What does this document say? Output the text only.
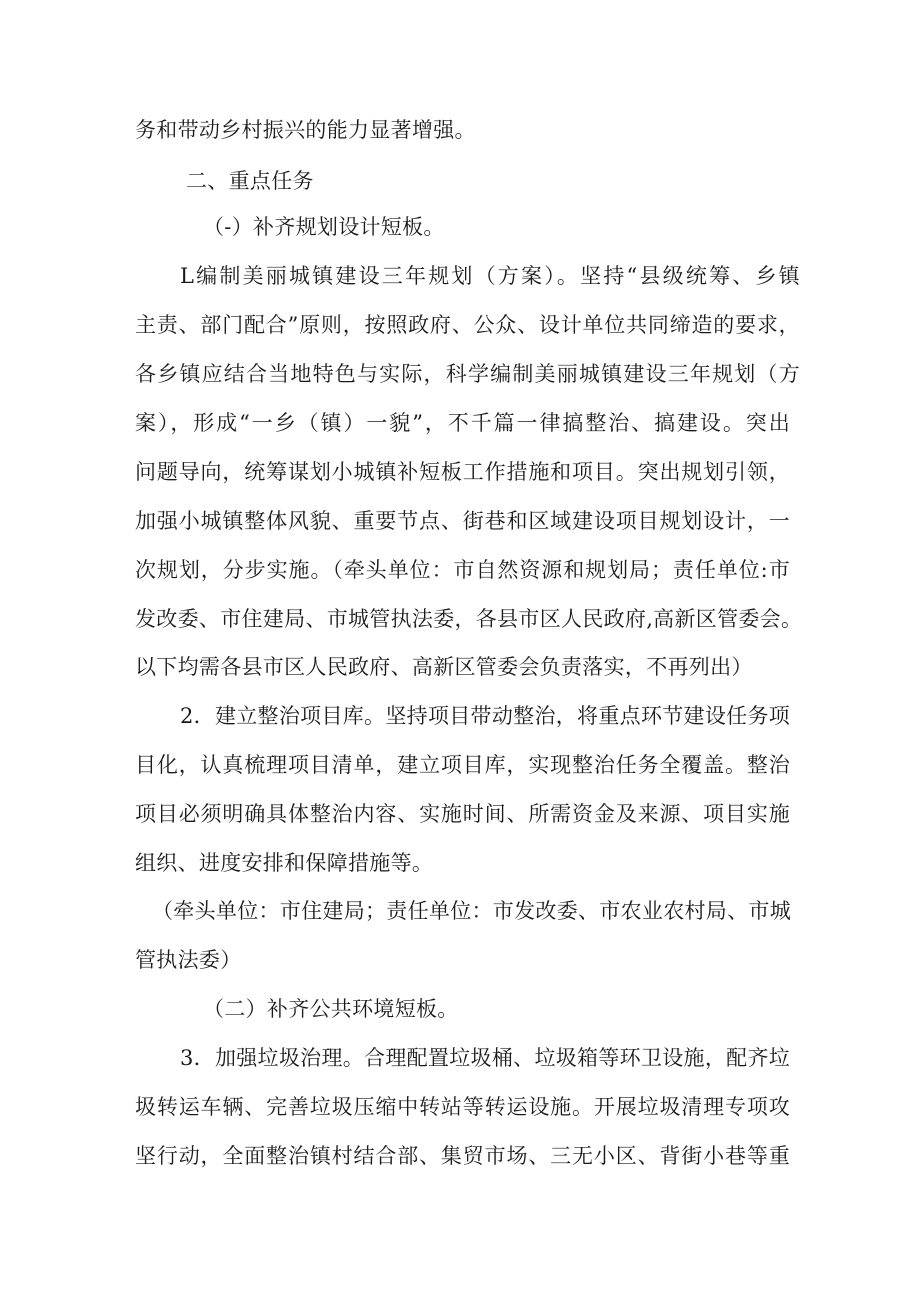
务和带动乡村振兴的能力显著增强。

二、重点任务

（-）补齐规划设计短板。

L编制美丽城镇建设三年规划（方案）。坚持“县级统筹、乡镇

主责、部门配合”原则，按照政府、公众、设计单位共同缔造的要求，

各乡镇应结合当地特色与实际，科学编制美丽城镇建设三年规划（方

案），形成“一乡（镇）一貌”，不千篇一律搞整治、搞建设。突出

问题导向，统筹谋划小城镇补短板工作措施和项目。突出规划引领，

加强小城镇整体风貌、重要节点、街巷和区域建设项目规划设计，一

次规划，分步实施。（牵头单位：市自然资源和规划局；责任单位:市

发改委、市住建局、市城管执法委，各县市区人民政府,高新区管委会。

以下均需各县市区人民政府、高新区管委会负责落实，不再列出）

2．建立整治项目库。坚持项目带动整治，将重点环节建设任务项

目化，认真梳理项目清单，建立项目库，实现整治任务全覆盖。整治

项目必须明确具体整治内容、实施时间、所需资金及来源、项目实施

组织、进度安排和保障措施等。

（牵头单位：市住建局；责任单位：市发改委、市农业农村局、市城

管执法委）

（二）补齐公共环境短板。

3．加强垃圾治理。合理配置垃圾桶、垃圾箱等环卫设施，配齐垃

圾转运车辆、完善垃圾压缩中转站等转运设施。开展垃圾清理专项攻

坚行动，全面整治镇村结合部、集贸市场、三无小区、背街小巷等重
